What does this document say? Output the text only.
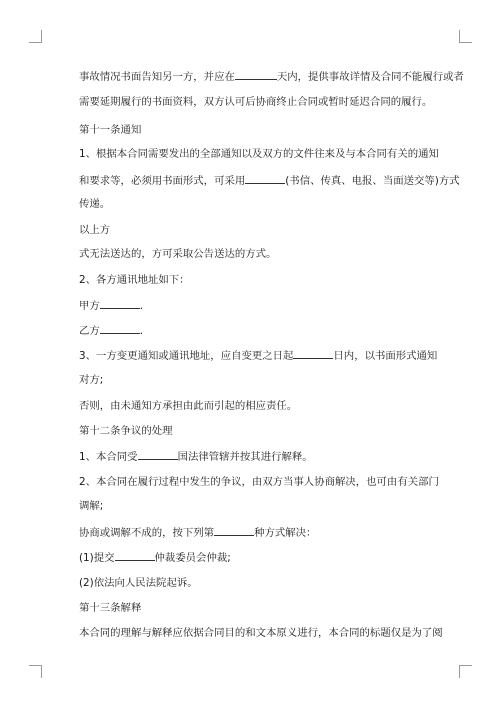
事故情况书面告知另一方，并应在	天内，提供事故详情及合同不能履行或者
需要延期履行的书面资料，双方认可后协商终止合同或暂时延迟合同的履行。
第十一条通知
1、根据本合同需要发出的全部通知以及双方的文件往来及与本合同有关的通知
和要求等，必须用书面形式，可采用	(书信、传真、电报、当面送交等)方式
传递。
以上方
式无法送达的，方可采取公告送达的方式。
2、各方通讯地址如下：
甲方	.
乙方	.
3、一方变更通知或通讯地址，应自变更之日起	日内，以书面形式通知
对方;
否则，由未通知方承担由此而引起的相应责任。
第十二条争议的处理
1、本合同受	国法律管辖并按其进行解释。
2、本合同在履行过程中发生的争议，由双方当事人协商解决，也可由有关部门
调解;
协商或调解不成的，按下列第	种方式解决：
(1)提交	仲裁委员会仲裁;
(2)依法向人民法院起诉。
第十三条解释
本合同的理解与解释应依据合同目的和文本原义进行，本合同的标题仅是为了阅
